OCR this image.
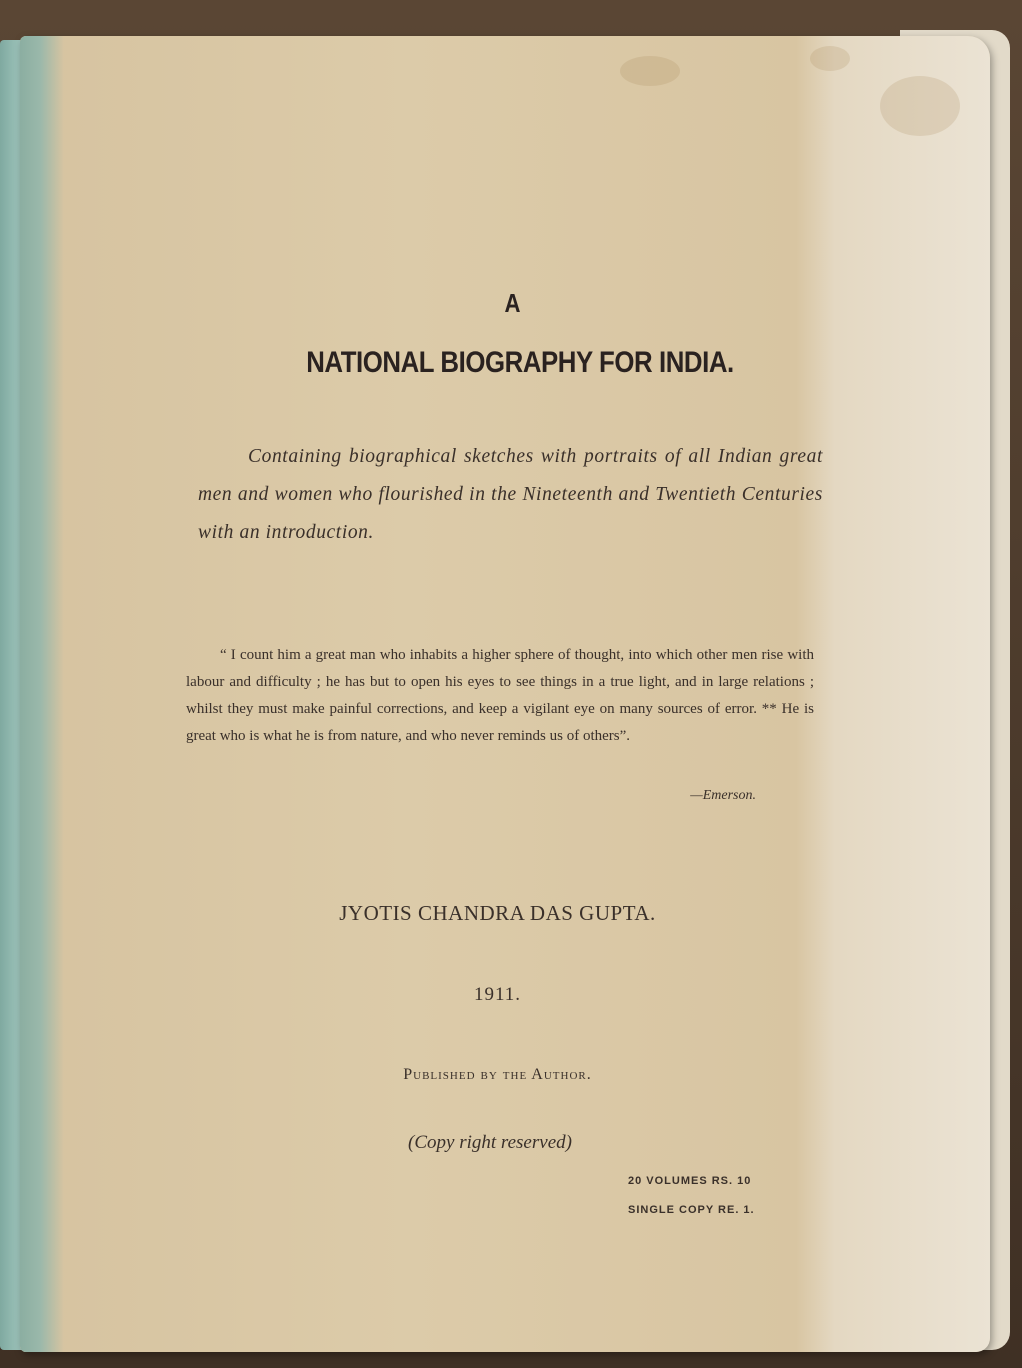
A
NATIONAL BIOGRAPHY FOR INDIA.
Containing biographical sketches with portraits of all Indian great men and women who flourished in the Nineteenth and Twentieth Centuries with an introduction.
“ I count him a great man who inhabits a higher sphere of thought, into which other men rise with labour and difficulty ; he has but to open his eyes to see things in a true light, and in large relations ; whilst they must make painful corrections, and keep a vigilant eye on many sources of error. ** He is great who is what he is from nature, and who never reminds us of others”.
—Emerson.
JYOTIS CHANDRA DAS GUPTA.
1911.
Published by the Author.
(Copy right reserved)
20 VOLUMES RS. 10
SINGLE COPY RE. 1.
